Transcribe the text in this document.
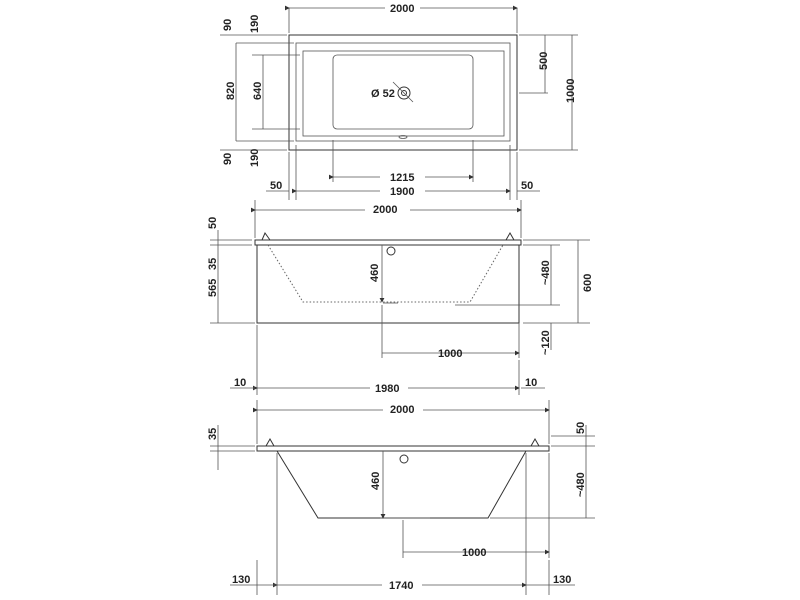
Ø 52
2000
820 640
90 190
90 190
500
1000
1215
1900
50	50
2000
50
35
565
460	~480	600
~120
1000
1980
10	10
2000
35
460
50
~480
1000
1740
130	130
